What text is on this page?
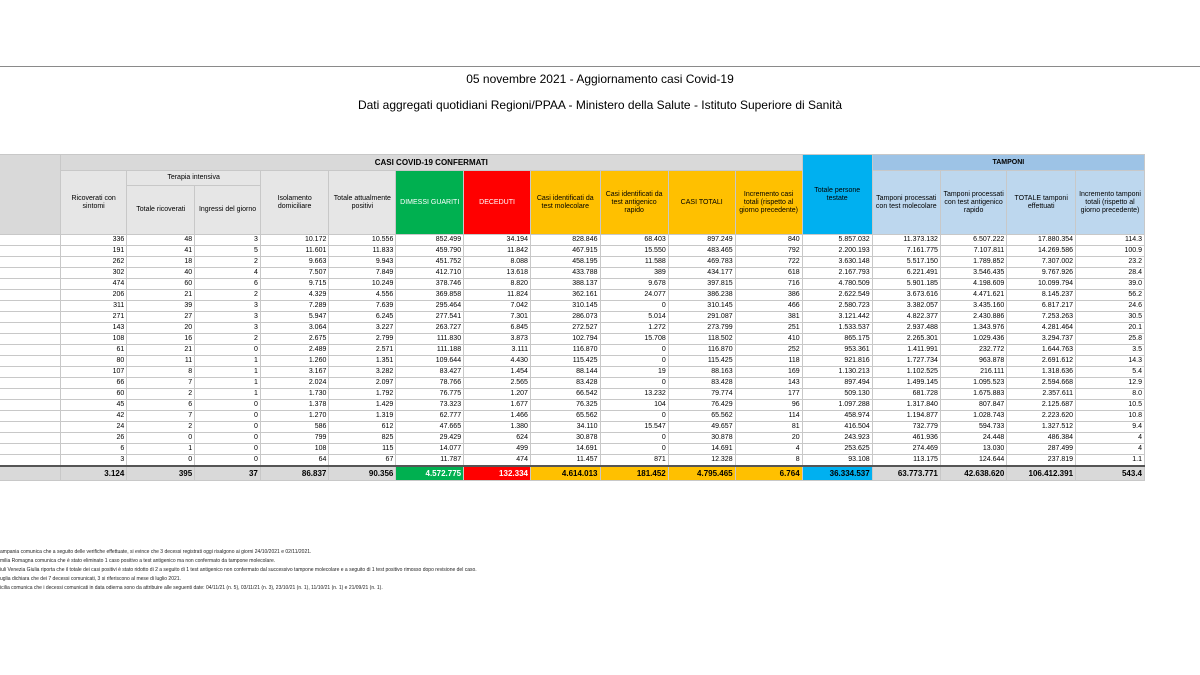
05 novembre 2021 - Aggiornamento casi Covid-19
Dati aggregati quotidiani Regioni/PPAA - Ministero della Salute - Istituto Superiore di Sanità
	CASI COVID-19 CONFERMATI											Totale persone testate	TAMPONI			
	Ricoverati con sintomi	Terapia intensiva		Isolamento domiciliare	Totale attualmente positivi	DIMESSI GUARITI	DECEDUTI	Casi identificati da test molecolare	Casi identificati da test antigenico rapido	CASI TOTALI	Incremento casi totali (rispetto al giorno precedente)		Tamponi processati con test molecolare	Tamponi processati con test antigenico rapido	TOTALE tamponi effettuati	Incremento tamponi totali (rispetto al giorno precedente)
		Totale ricoverati	Ingressi del giorno													
	336	48	3	10.172	10.556	852.499	34.194	828.846	68.403	897.249	840	5.857.032	11.373.132	6.507.222	17.880.354	114.3
	191	41	5	11.601	11.833	459.790	11.842	467.915	15.550	483.465	792	2.200.193	7.161.775	7.107.811	14.269.586	100.9
	262	18	2	9.663	9.943	451.752	8.088	458.195	11.588	469.783	722	3.630.148	5.517.150	1.789.852	7.307.002	23.2
	302	40	4	7.507	7.849	412.710	13.618	433.788	389	434.177	618	2.167.793	6.221.491	3.546.435	9.767.926	28.4
	474	60	6	9.715	10.249	378.746	8.820	388.137	9.678	397.815	716	4.780.509	5.901.185	4.198.609	10.099.794	39.0
	206	21	2	4.329	4.556	369.858	11.824	362.161	24.077	386.238	386	2.622.549	3.673.616	4.471.621	8.145.237	56.2
	311	39	3	7.289	7.639	295.464	7.042	310.145	0	310.145	466	2.580.723	3.382.057	3.435.160	6.817.217	24.6
	271	27	3	5.947	6.245	277.541	7.301	286.073	5.014	291.087	381	3.121.442	4.822.377	2.430.886	7.253.263	30.5
	143	20	3	3.064	3.227	263.727	6.845	272.527	1.272	273.799	251	1.533.537	2.937.488	1.343.976	4.281.464	20.1
	108	16	2	2.675	2.799	111.830	3.873	102.794	15.708	118.502	410	865.175	2.265.301	1.029.436	3.294.737	25.8
	61	21	0	2.489	2.571	111.188	3.111	116.870	0	116.870	252	953.361	1.411.991	232.772	1.644.763	3.5
	80	11	1	1.260	1.351	109.644	4.430	115.425	0	115.425	118	921.816	1.727.734	963.878	2.691.612	14.3
	107	8	1	3.167	3.282	83.427	1.454	88.144	19	88.163	169	1.130.213	1.102.525	216.111	1.318.636	5.4
	66	7	1	2.024	2.097	78.766	2.565	83.428	0	83.428	143	897.494	1.499.145	1.095.523	2.594.668	12.9
	60	2	1	1.730	1.792	76.775	1.207	66.542	13.232	79.774	177	509.130	681.728	1.675.883	2.357.611	8.0
	45	6	0	1.378	1.429	73.323	1.677	76.325	104	76.429	96	1.097.288	1.317.840	807.847	2.125.687	10.5
	42	7	0	1.270	1.319	62.777	1.466	65.562	0	65.562	114	458.974	1.194.877	1.028.743	2.223.620	10.8
	24	2	0	586	612	47.665	1.380	34.110	15.547	49.657	81	416.504	732.779	594.733	1.327.512	9.4
	26	0	0	799	825	29.429	624	30.878	0	30.878	20	243.923	461.936	24.448	486.384	4
	6	1	0	108	115	14.077	499	14.691	0	14.691	4	253.625	274.469	13.030	287.499	4
	3	0	0	64	67	11.787	474	11.457	871	12.328	8	93.108	113.175	124.644	237.819	1.1
	3.124	395	37	86.837	90.356	4.572.775	132.334	4.614.013	181.452	4.795.465	6.764	36.334.537	63.773.771	42.638.620	106.412.391	543.4
ampania comunica che a seguito delle verifiche effettuate, si evince che 3 decessi registrati oggi risalgono ai giorni 24/10/2021 e 02/11/2021.
milia Romagna comunica che è stato eliminato 1 caso positivo a test antigenico ma non confermato da tampone molecolare.
iuli Venezia Giulia riporta che il totale dei casi positivi è stato ridotto di 2 a seguito di 1 test antigenico non confermato dal successivo tampone molecolare e a seguito di 1 test positivo rimosso dopo revisione del caso.
uglia dichiara che dei 7 decessi comunicati, 3 si riferiscono al mese di luglio 2021.
icilia comunica che i decessi comunicati in data odierna sono da attribuire alle seguenti date: 04/11/21 (n. 5), 03/11/21 (n. 3), 23/10/21 (n. 1), 11/10/21 (n. 1) e 21/09/21 (n. 1).
